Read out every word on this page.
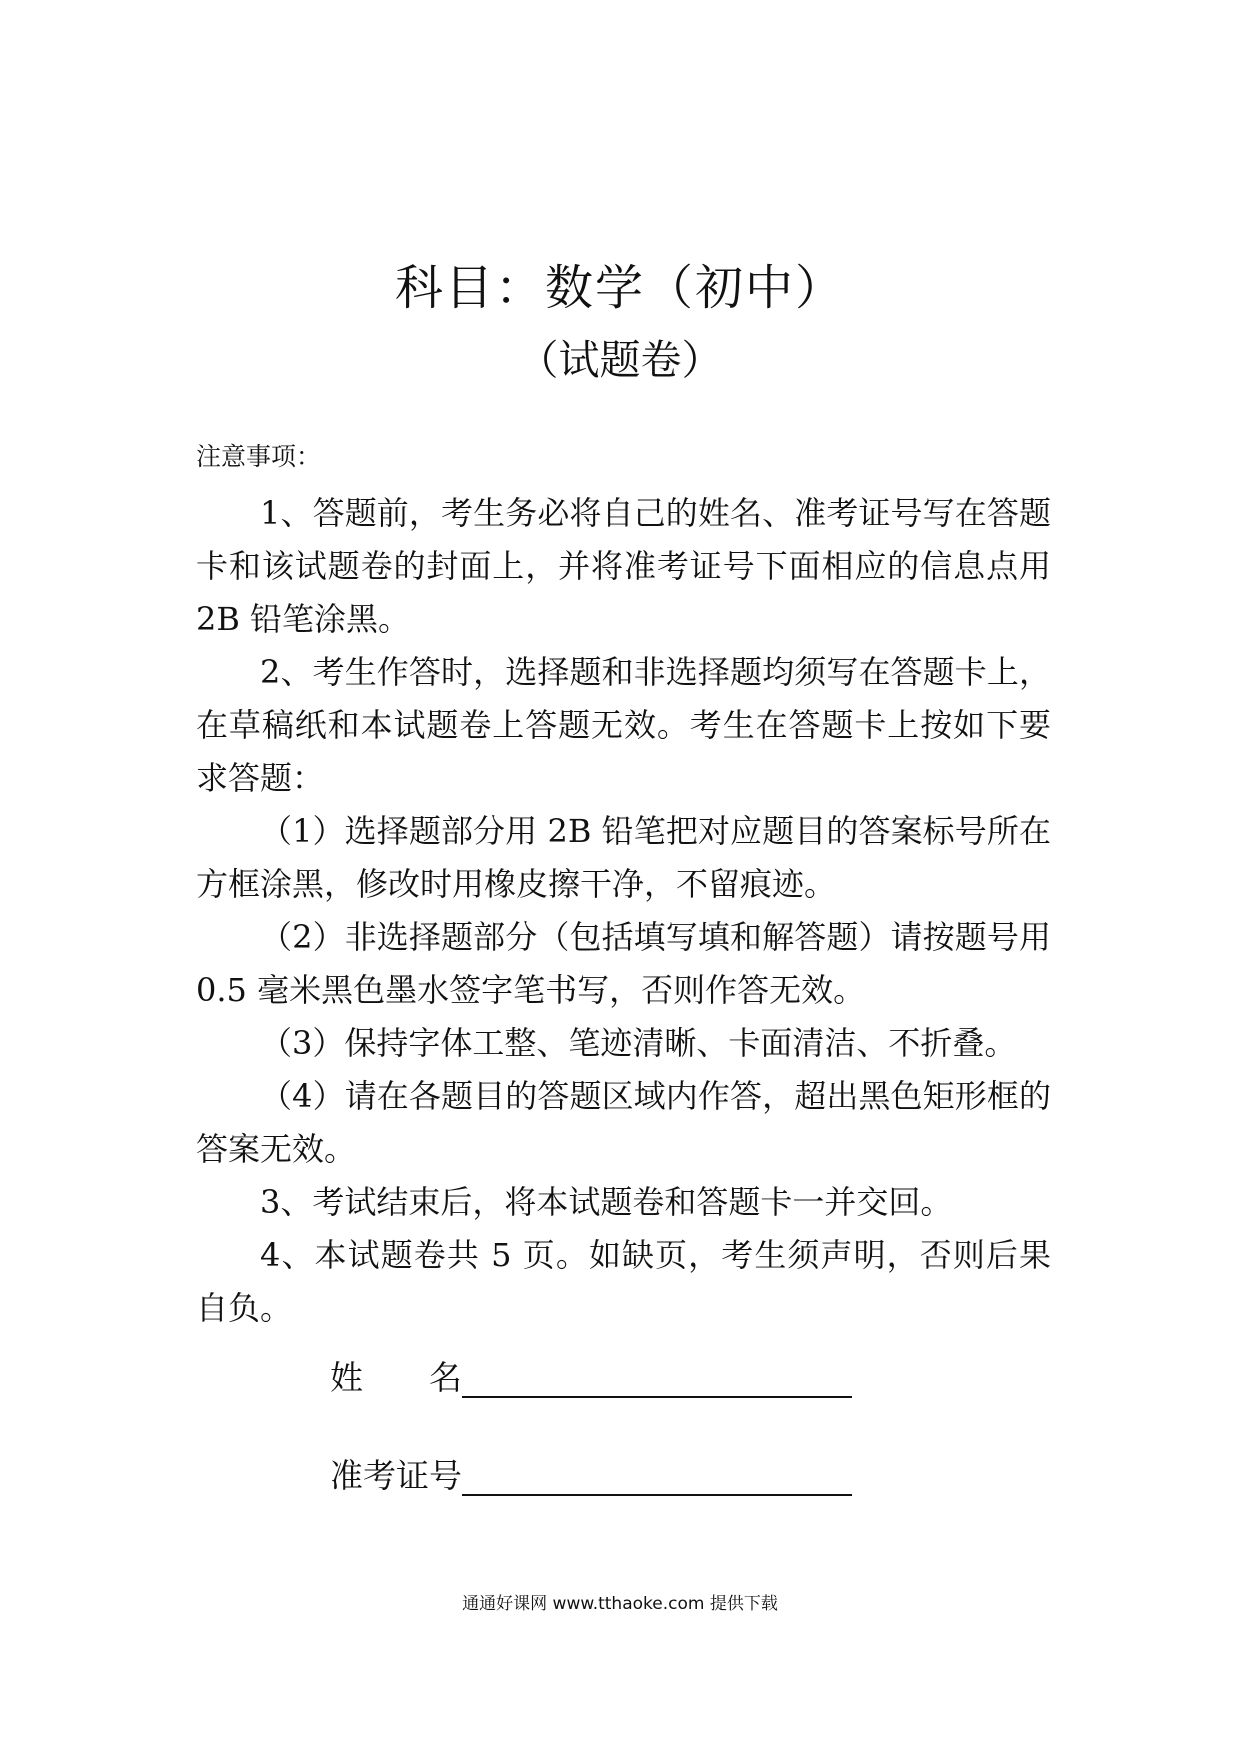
科目：数学（初中）
（试题卷）
注意事项：

1、答题前，考生务必将自己的姓名、准考证号写在答题卡和该试题卷的封面上，并将准考证号下面相应的信息点用 2B 铅笔涂黑。

2、考生作答时，选择题和非选择题均须写在答题卡上，在草稿纸和本试题卷上答题无效。考生在答题卡上按如下要求答题：

（1）选择题部分用 2B 铅笔把对应题目的答案标号所在方框涂黑，修改时用橡皮擦干净，不留痕迹。

（2）非选择题部分（包括填写填和解答题）请按题号用 0.5 毫米黑色墨水签字笔书写，否则作答无效。

（3）保持字体工整、笔迹清晰、卡面清洁、不折叠。

（4）请在各题目的答题区域内作答，超出黑色矩形框的答案无效。

3、考试结束后，将本试题卷和答题卡一并交回。

4、本试题卷共 5 页。如缺页，考生须声明，否则后果自负。

姓　　名
准考证号
通通好课网 www.tthaoke.com 提供下载
